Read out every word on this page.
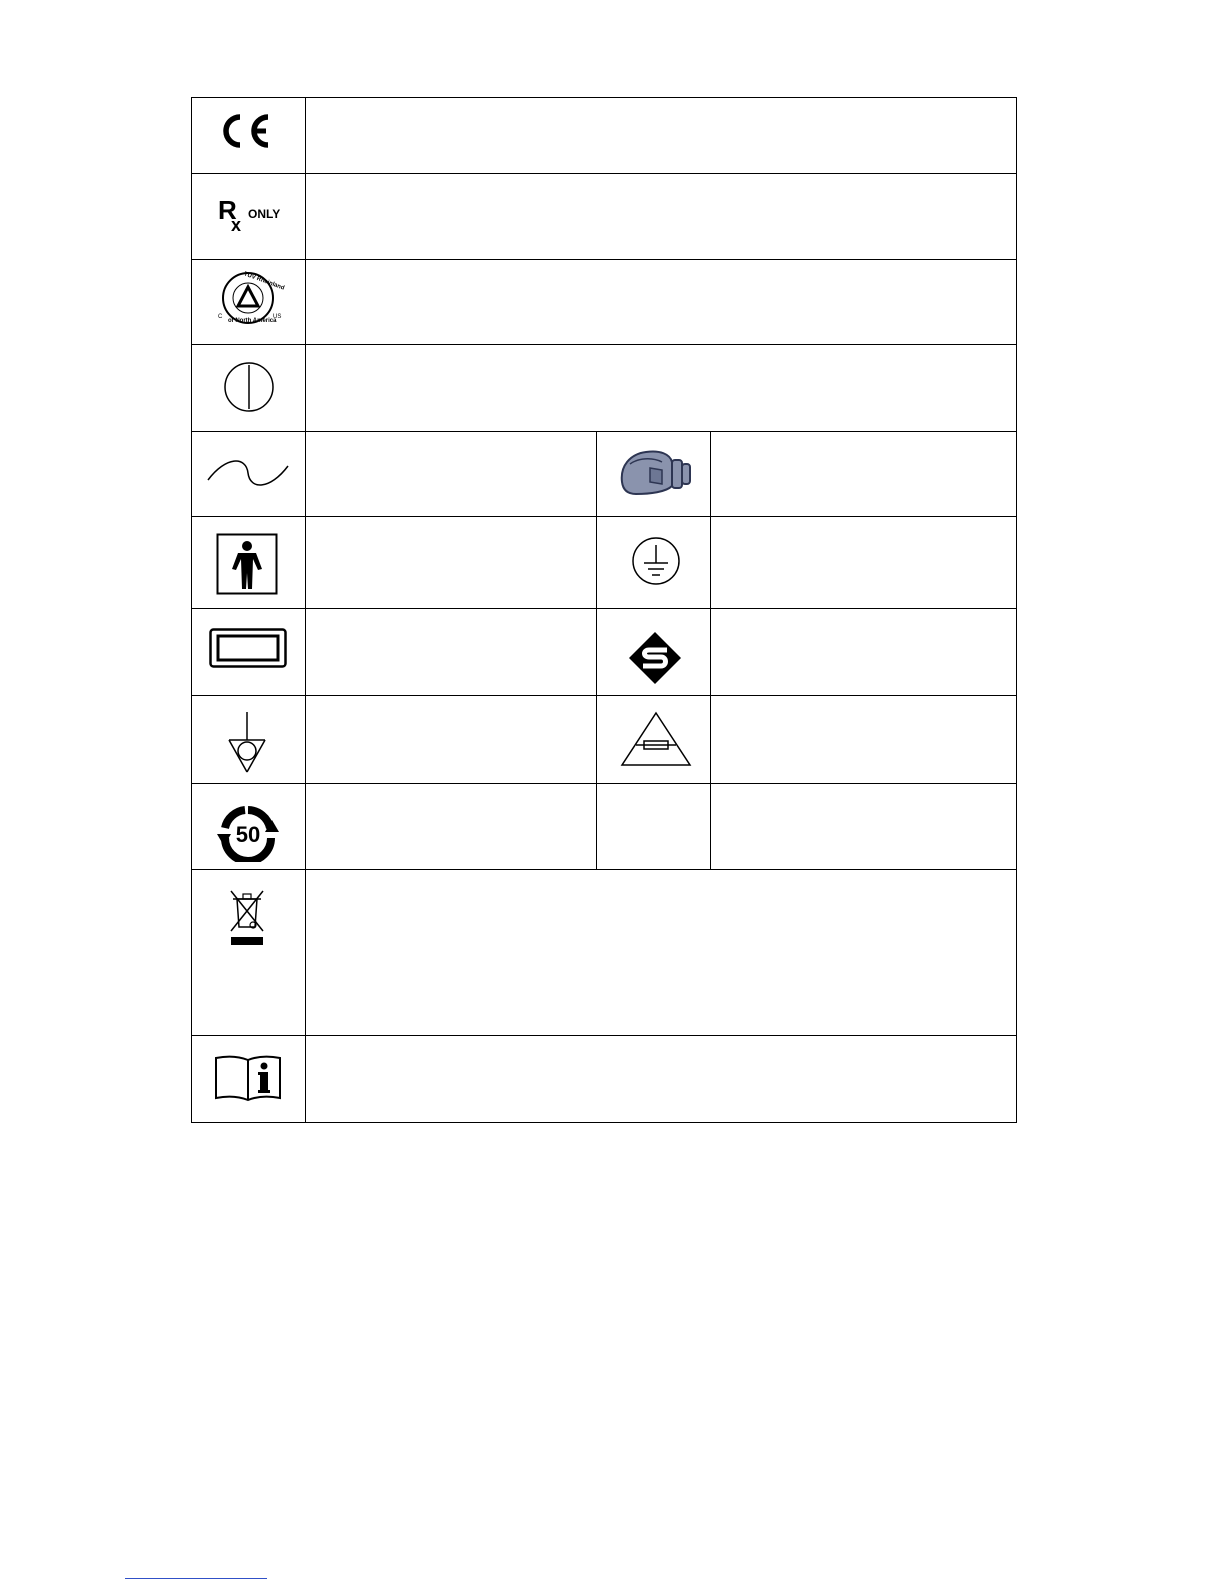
R
x
ONLY
TÜV Rheinland
of North America
C	US
50
